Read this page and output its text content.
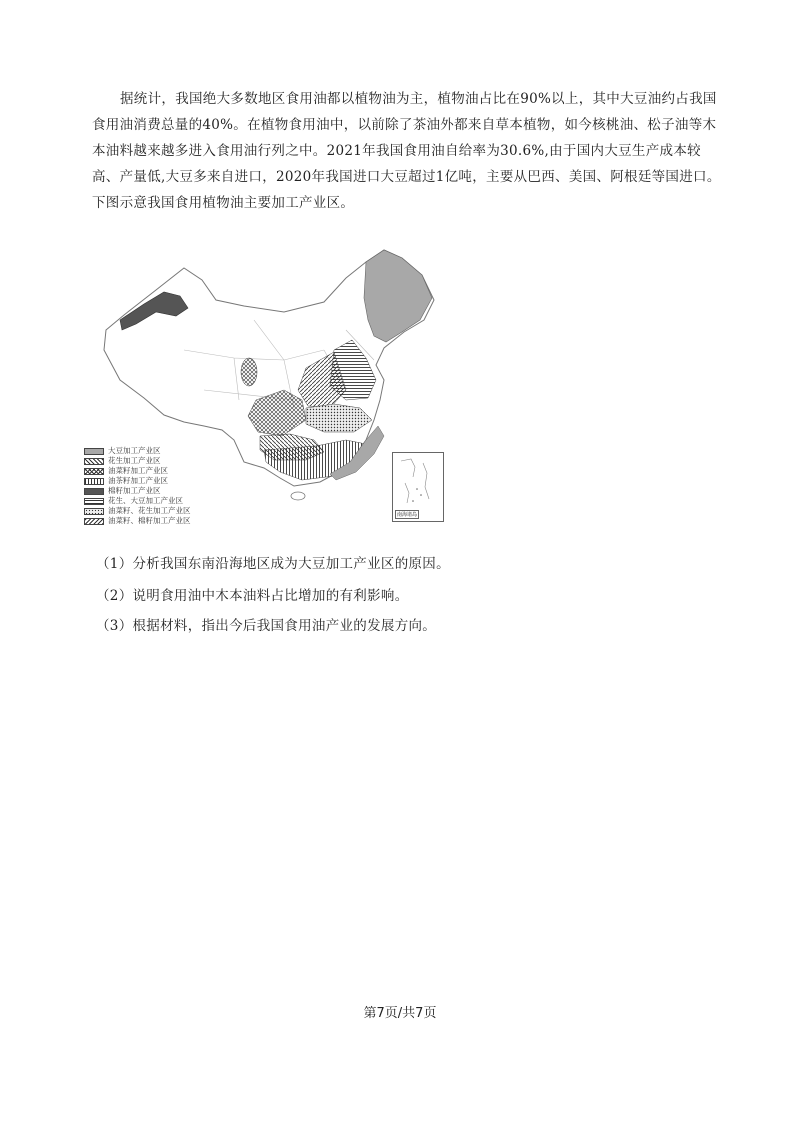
据统计，我国绝大多数地区食用油都以植物油为主，植物油占比在90%以上，其中大豆油约占我国食用油消费总量的40%。在植物食用油中，以前除了茶油外都来自草本植物，如今核桃油、松子油等木本油料越来越多进入食用油行列之中。2021年我国食用油自给率为30.6%,由于国内大豆生产成本较高、产量低,大豆多来自进口，2020年我国进口大豆超过1亿吨，主要从巴西、美国、阿根廷等国进口。下图示意我国食用植物油主要加工产业区。

大豆加工产业区
花生加工产业区
油菜籽加工产业区
油茶籽加工产业区
棉籽加工产业区
花生、大豆加工产业区
油菜籽、花生加工产业区
油菜籽、棉籽加工产业区
南海诸岛

（1）分析我国东南沿海地区成为大豆加工产业区的原因。

（2）说明食用油中木本油料占比增加的有利影响。

（3）根据材料，指出今后我国食用油产业的发展方向。

第7页/共7页
